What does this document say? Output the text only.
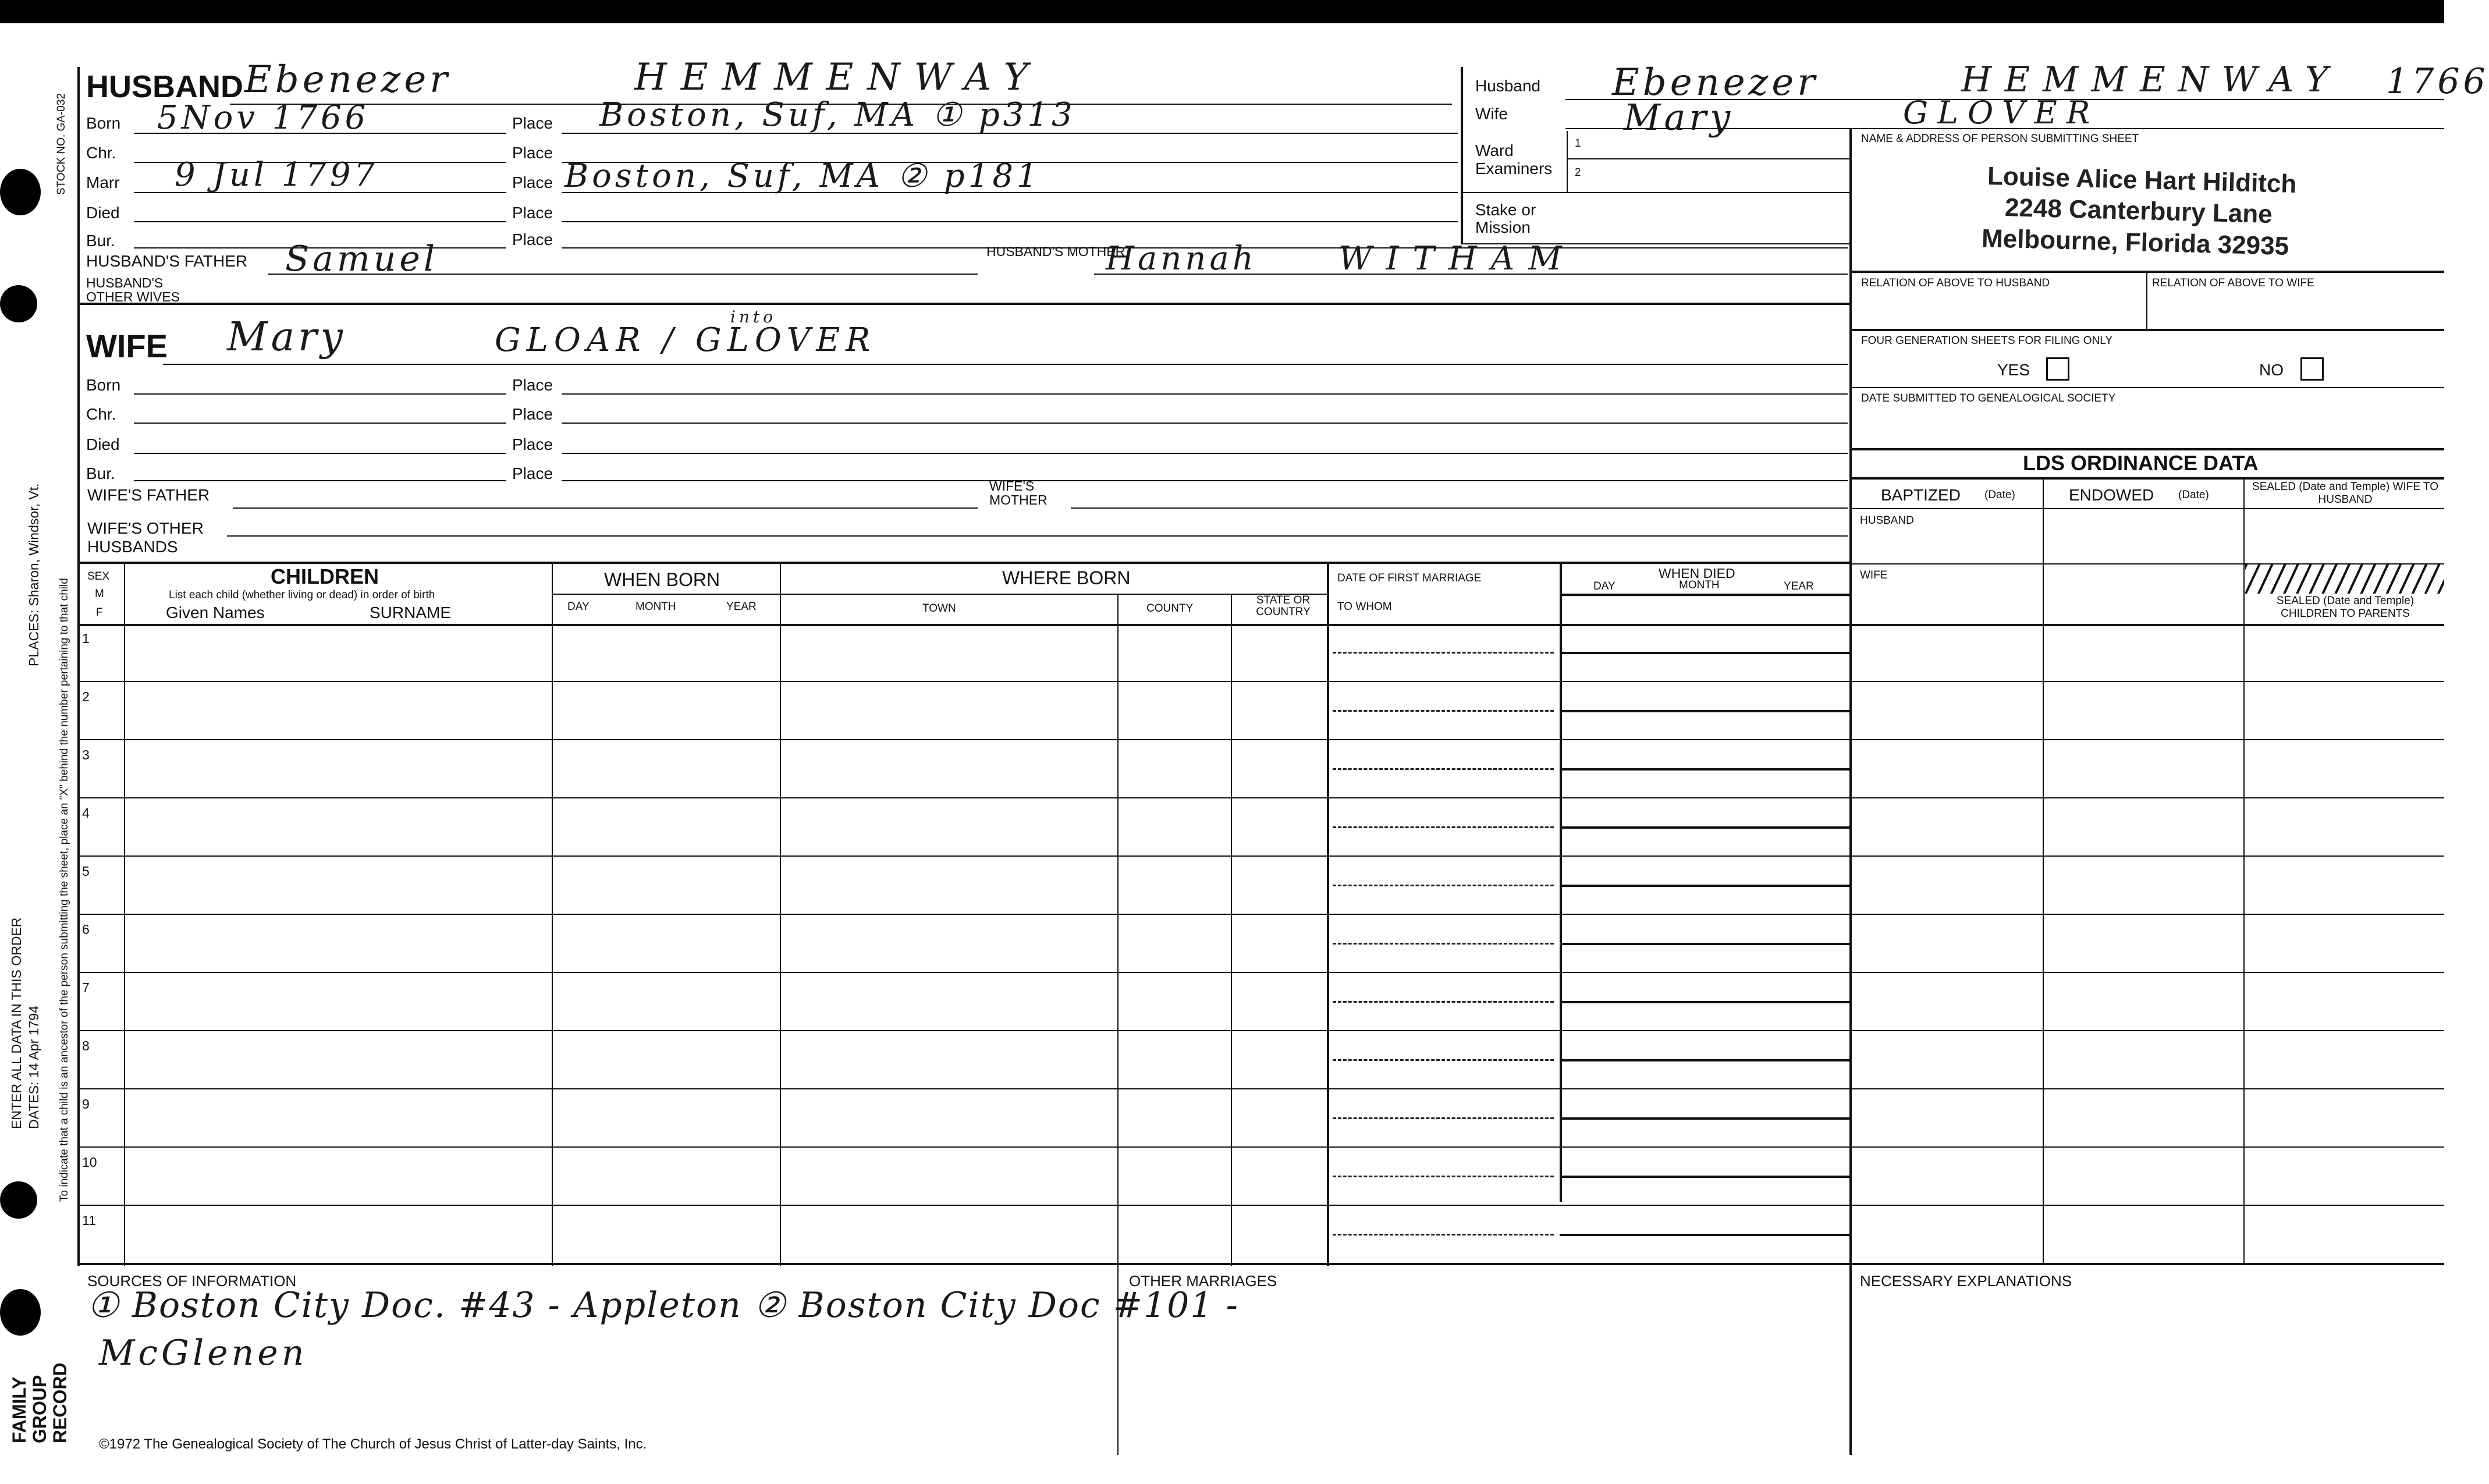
STOCK NO. GA-032
To indicate that a child is an ancestor of the person submitting the sheet, place an "X" behind the number pertaining to that child
PLACES: Sharon, Windsor, Vt.
ENTER ALL DATA IN THIS ORDER DATES: 14 Apr 1794
FAMILY GROUP RECORD
HUSBAND Ebenezer	HEMMENWAY
Born 5Nov 1766	Place Boston, Suf, MA ① p313
Chr.	Place
Marr 9 Jul 1797	Place Boston, Suf, MA ② p181
Died	Place
Bur.	Place
HUSBAND'S FATHER Samuel	HUSBAND'S MOTHER
Hannah	WITHAM
HUSBAND'S OTHER WIVES
WIFE Mary	GLOAR / GLOVER
into
Born	Place
Chr.	Place
Died	Place
Bur.	Place
WIFE'S FATHER	WIFE'S MOTHER
WIFE'S OTHER HUSBANDS
SEX
M
F
CHILDREN
List each child (whether living or dead) in order of birth
Given Names	SURNAME
WHEN BORN
DAY	MONTH	YEAR
WHERE BORN
TOWN	COUNTY
STATE OR COUNTRY
DATE OF FIRST MARRIAGE
TO WHOM
WHEN DIED
DAY	MONTH	YEAR
1
2
3
4
5
6
7
8
9
10
11
SOURCES OF INFORMATION
① Boston City Doc. #43 - Appleton ② Boston City Doc #101 -
McGlenen
OTHER MARRIAGES	NECESSARY EXPLANATIONS
©1972 The Genealogical Society of The Church of Jesus Christ of Latter-day Saints, Inc.
Husband Ebenezer	HEMMENWAY 1766
Wife	Mary	GLOVER
Ward
Examiners
1
2
Stake or
Mission
NAME & ADDRESS OF PERSON SUBMITTING SHEET
Louise Alice Hart Hilditch
2248 Canterbury Lane
Melbourne, Florida 32935
RELATION OF ABOVE TO HUSBAND	RELATION OF ABOVE TO WIFE
FOUR GENERATION SHEETS FOR FILING ONLY
YES	NO
DATE SUBMITTED TO GENEALOGICAL SOCIETY
LDS ORDINANCE DATA
BAPTIZED (Date)	ENDOWED (Date)
SEALED (Date and Temple) WIFE TO HUSBAND
HUSBAND
WIFE
SEALED (Date and Temple) CHILDREN TO PARENTS
